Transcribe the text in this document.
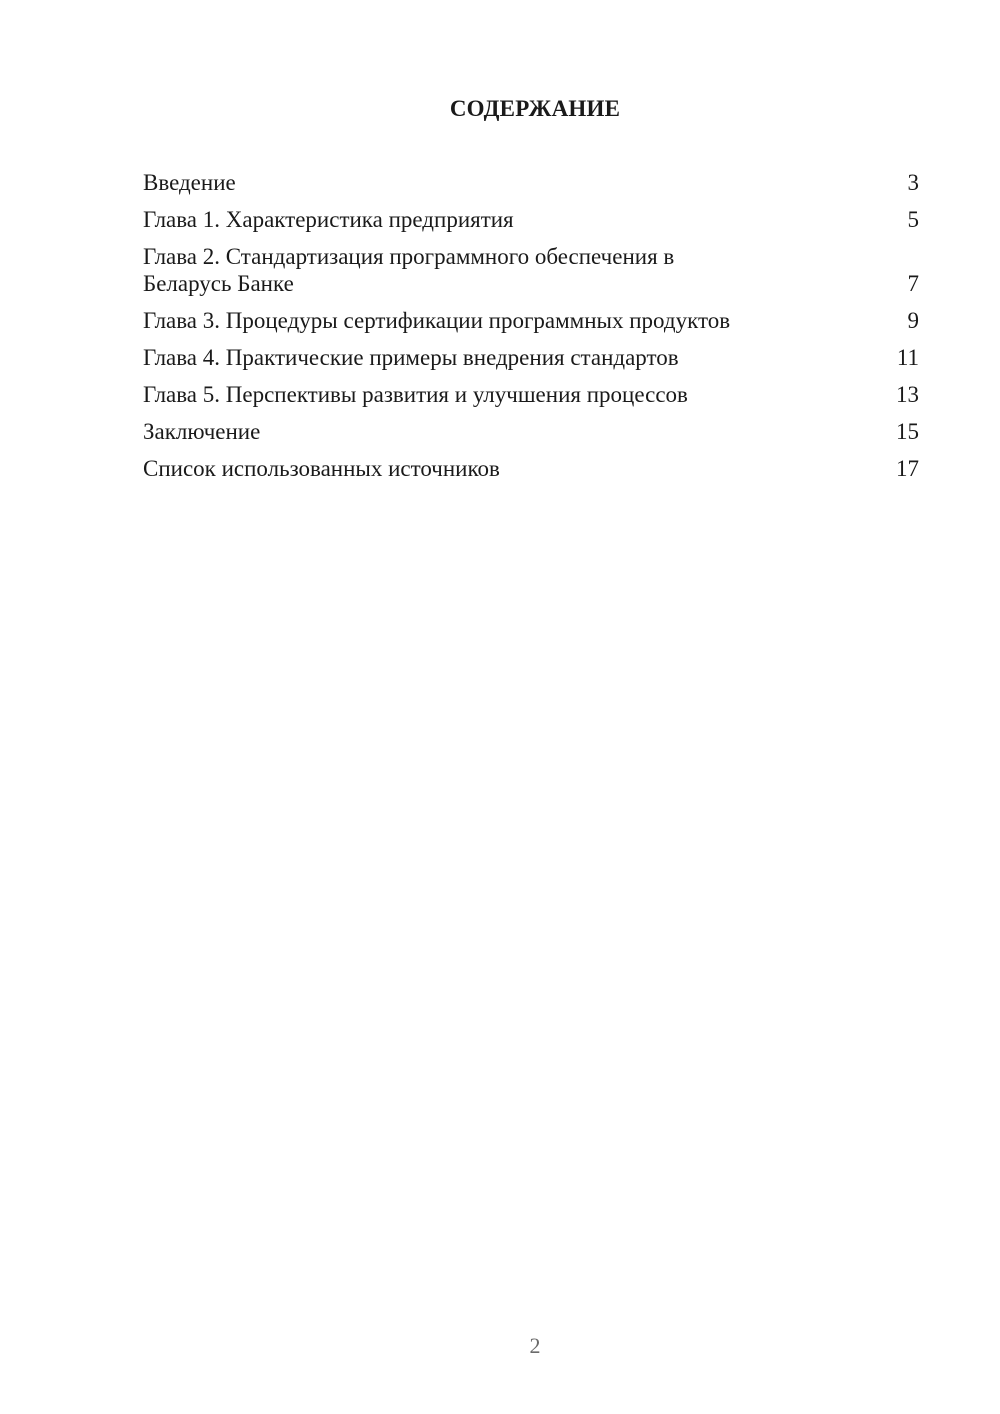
СОДЕРЖАНИЕ
Введение	3
Глава 1. Характеристика предприятия	5
Глава 2. Стандартизация программного обеспечения в
Беларусь Банке	7
Глава 3. Процедуры сертификации программных продуктов	9
Глава 4. Практические примеры внедрения стандартов	11
Глава 5. Перспективы развития и улучшения процессов	13
Заключение	15
Список использованных источников	17
2
